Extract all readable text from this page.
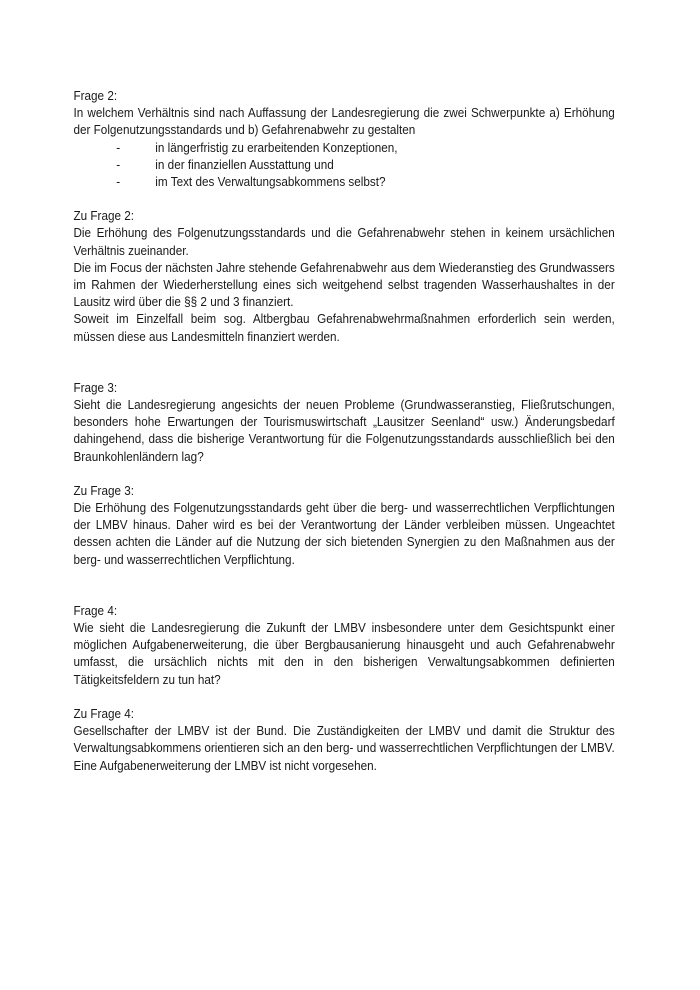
Frage 2:

In welchem Verhältnis sind nach Auffassung der Landesregierung die zwei Schwerpunkte a) Erhöhung der Folgenutzungsstandards und b) Gefahrenabwehr zu gestalten

-	in längerfristig zu erarbeitenden Konzeptionen,
-	in der finanziellen Ausstattung und
-	im Text des Verwaltungsabkommens selbst?

Zu Frage 2:

Die Erhöhung des Folgenutzungsstandards und die Gefahrenabwehr stehen in keinem ursächlichen Verhältnis zueinander.

Die im Focus der nächsten Jahre stehende Gefahrenabwehr aus dem Wiederanstieg des Grundwassers im Rahmen der Wiederherstellung eines sich weitgehend selbst tragenden Wasserhaushaltes in der Lausitz wird über die §§ 2 und 3 finanziert.

Soweit im Einzelfall beim sog. Altbergbau Gefahrenabwehrmaßnahmen erforderlich sein werden, müssen diese aus Landesmitteln finanziert werden.

Frage 3:

Sieht die Landesregierung angesichts der neuen Probleme (Grundwasseranstieg, Fließrutschungen, besonders hohe Erwartungen der Tourismuswirtschaft „Lausitzer Seenland“ usw.) Änderungsbedarf dahingehend, dass die bisherige Verantwortung für die Folgenutzungsstandards ausschließlich bei den Braunkohlenländern lag?

Zu Frage 3:

Die Erhöhung des Folgenutzungsstandards geht über die berg- und wasserrechtlichen Verpflichtungen der LMBV hinaus. Daher wird es bei der Verantwortung der Länder verbleiben müssen. Ungeachtet dessen achten die Länder auf die Nutzung der sich bietenden Synergien zu den Maßnahmen aus der berg- und wasserrechtlichen Verpflichtung.

Frage 4:

Wie sieht die Landesregierung die Zukunft der LMBV insbesondere unter dem Gesichtspunkt einer möglichen Aufgabenerweiterung, die über Bergbausanierung hinausgeht und auch Gefahrenabwehr umfasst, die ursächlich nichts mit den in den bisherigen Verwaltungsabkommen definierten Tätigkeitsfeldern zu tun hat?

Zu Frage 4:

Gesellschafter der LMBV ist der Bund. Die Zuständigkeiten der LMBV und damit die Struktur des Verwaltungsabkommens orientieren sich an den berg- und wasserrechtlichen Verpflichtungen der LMBV.

Eine Aufgabenerweiterung der LMBV ist nicht vorgesehen.
